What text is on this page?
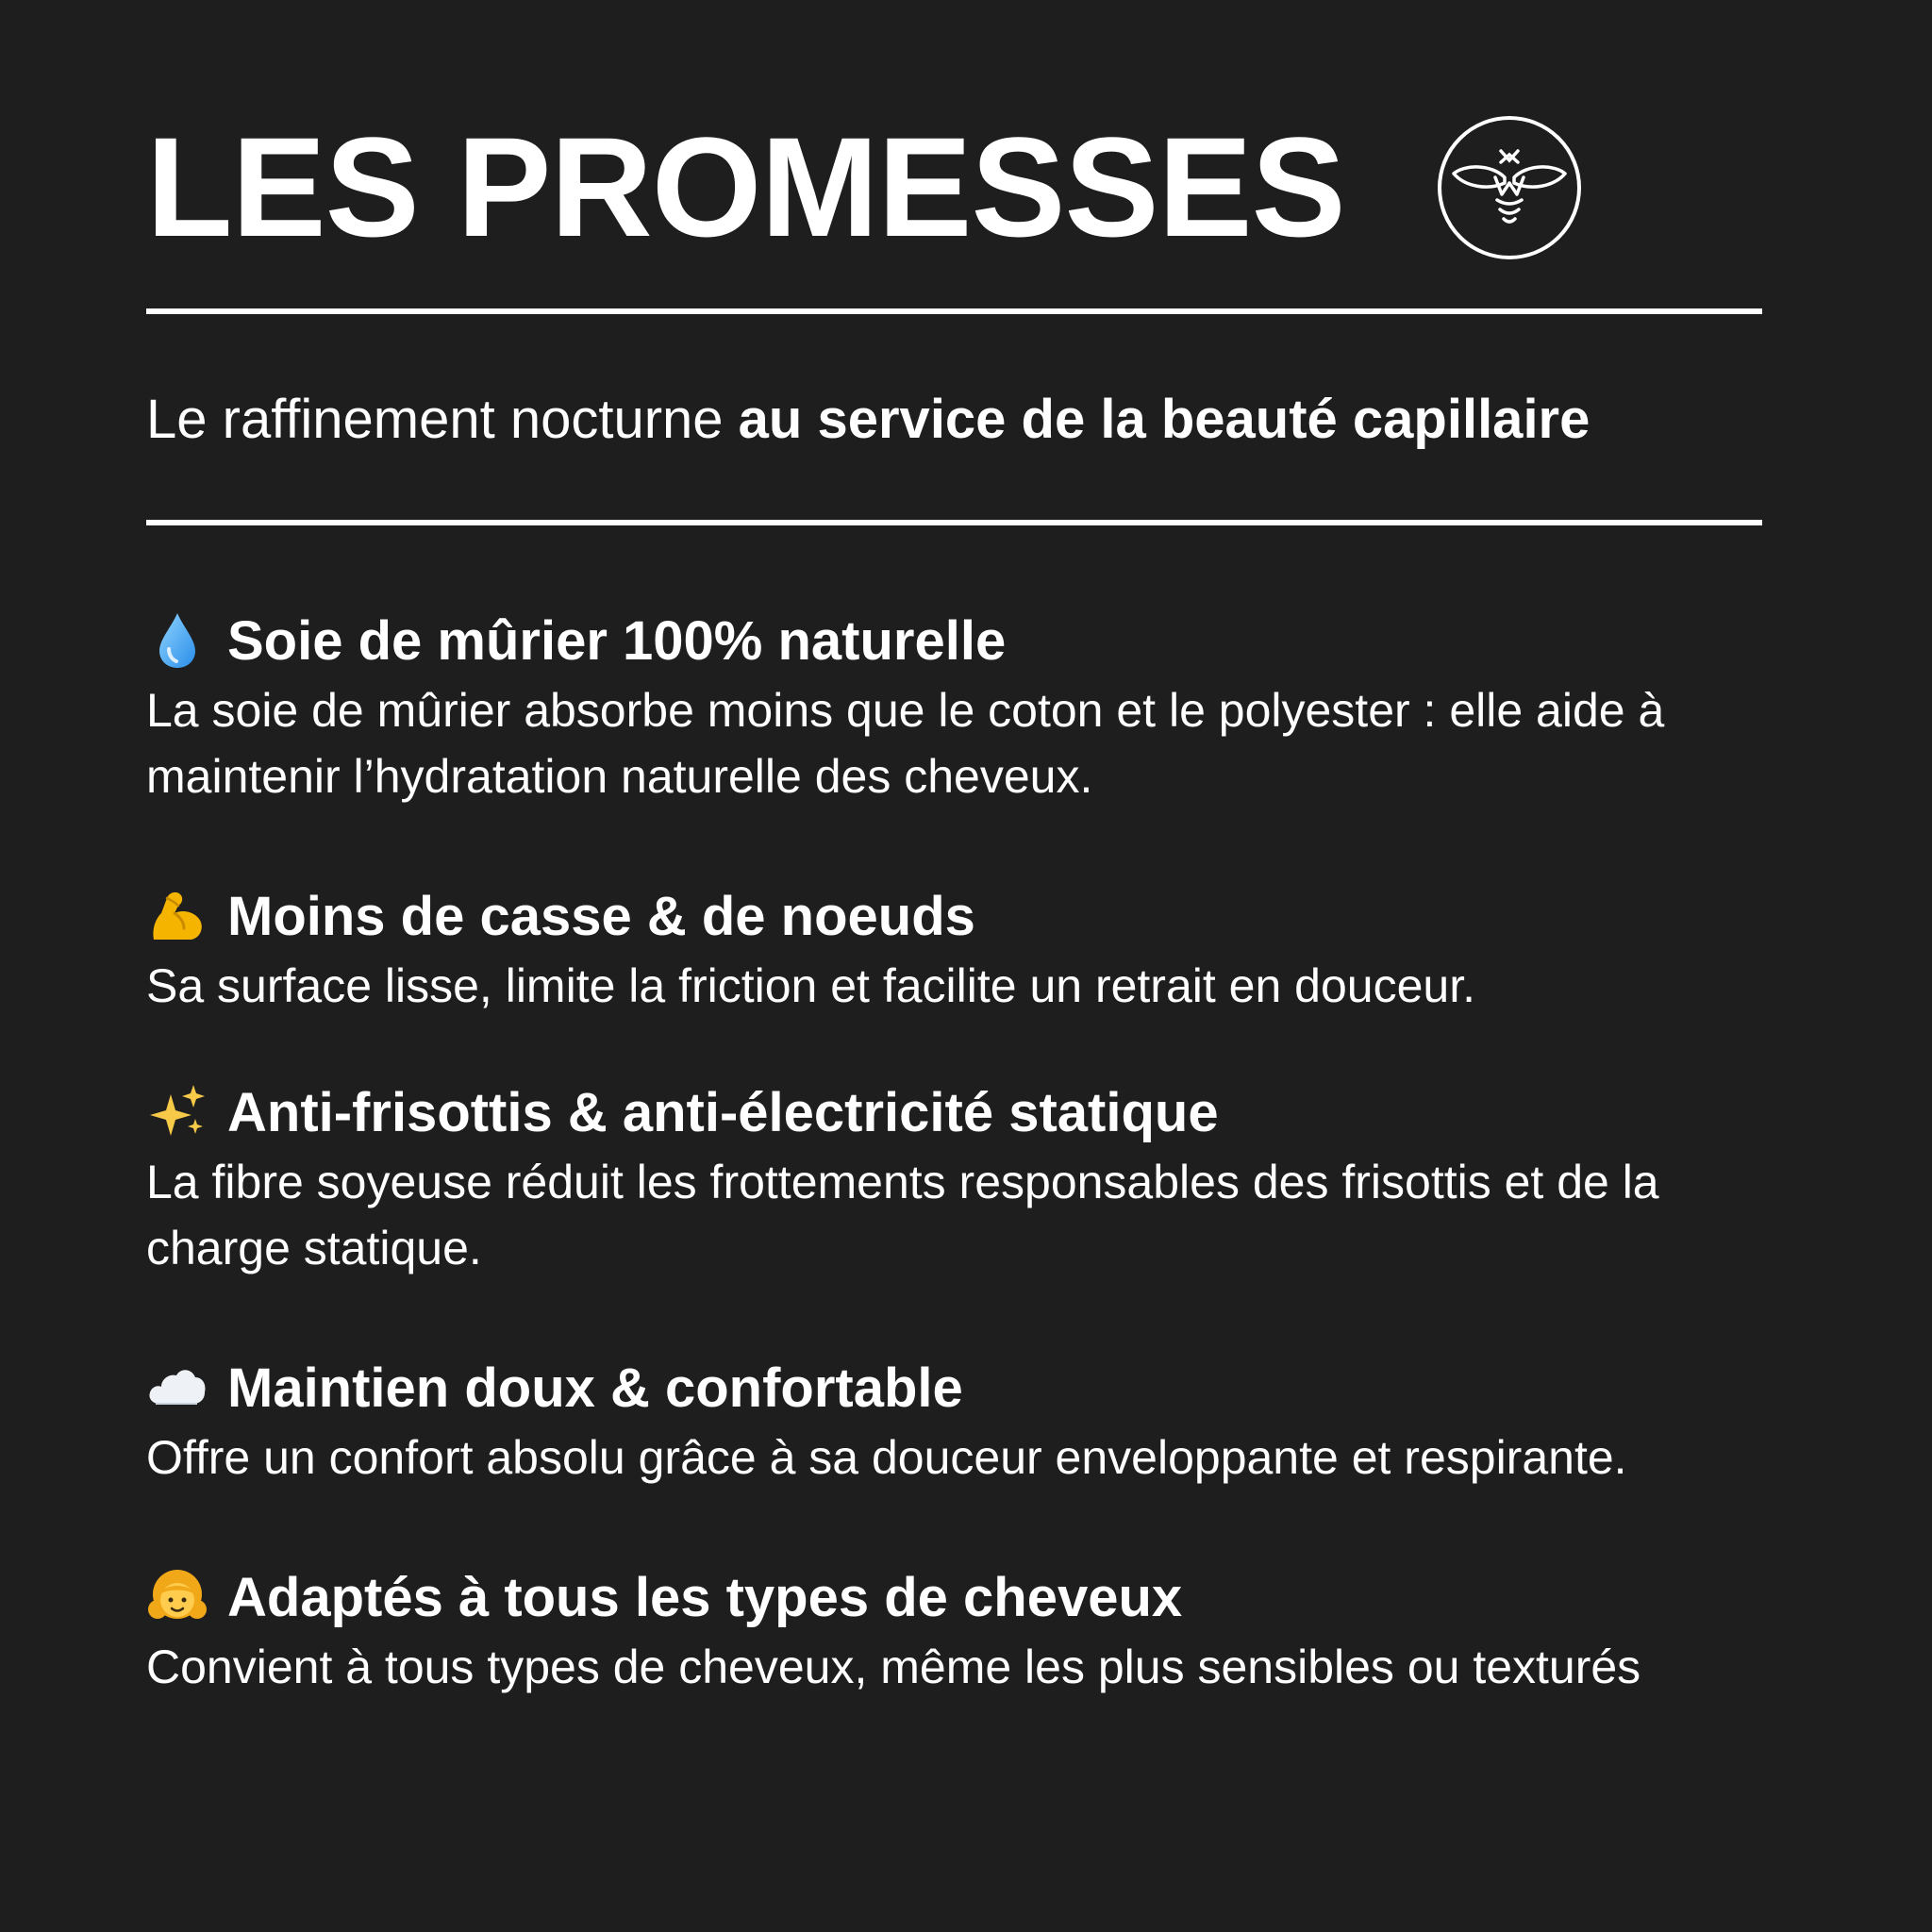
LES PROMESSES
Le raffinement nocturne au service de la beauté capillaire
Soie de mûrier 100% naturelle
La soie de mûrier absorbe moins que le coton et le polyester : elle aide à maintenir l’hydratation naturelle des cheveux.
Moins de casse & de noeuds
Sa surface lisse, limite la friction et facilite un retrait en douceur.
Anti-frisottis & anti-électricité statique
La fibre soyeuse réduit les frottements responsables des frisottis et de la charge statique.
Maintien doux & confortable
Offre un confort absolu grâce à sa douceur enveloppante et respirante.
Adaptés à tous les types de cheveux
Convient à tous types de cheveux, même les plus sensibles ou texturés
